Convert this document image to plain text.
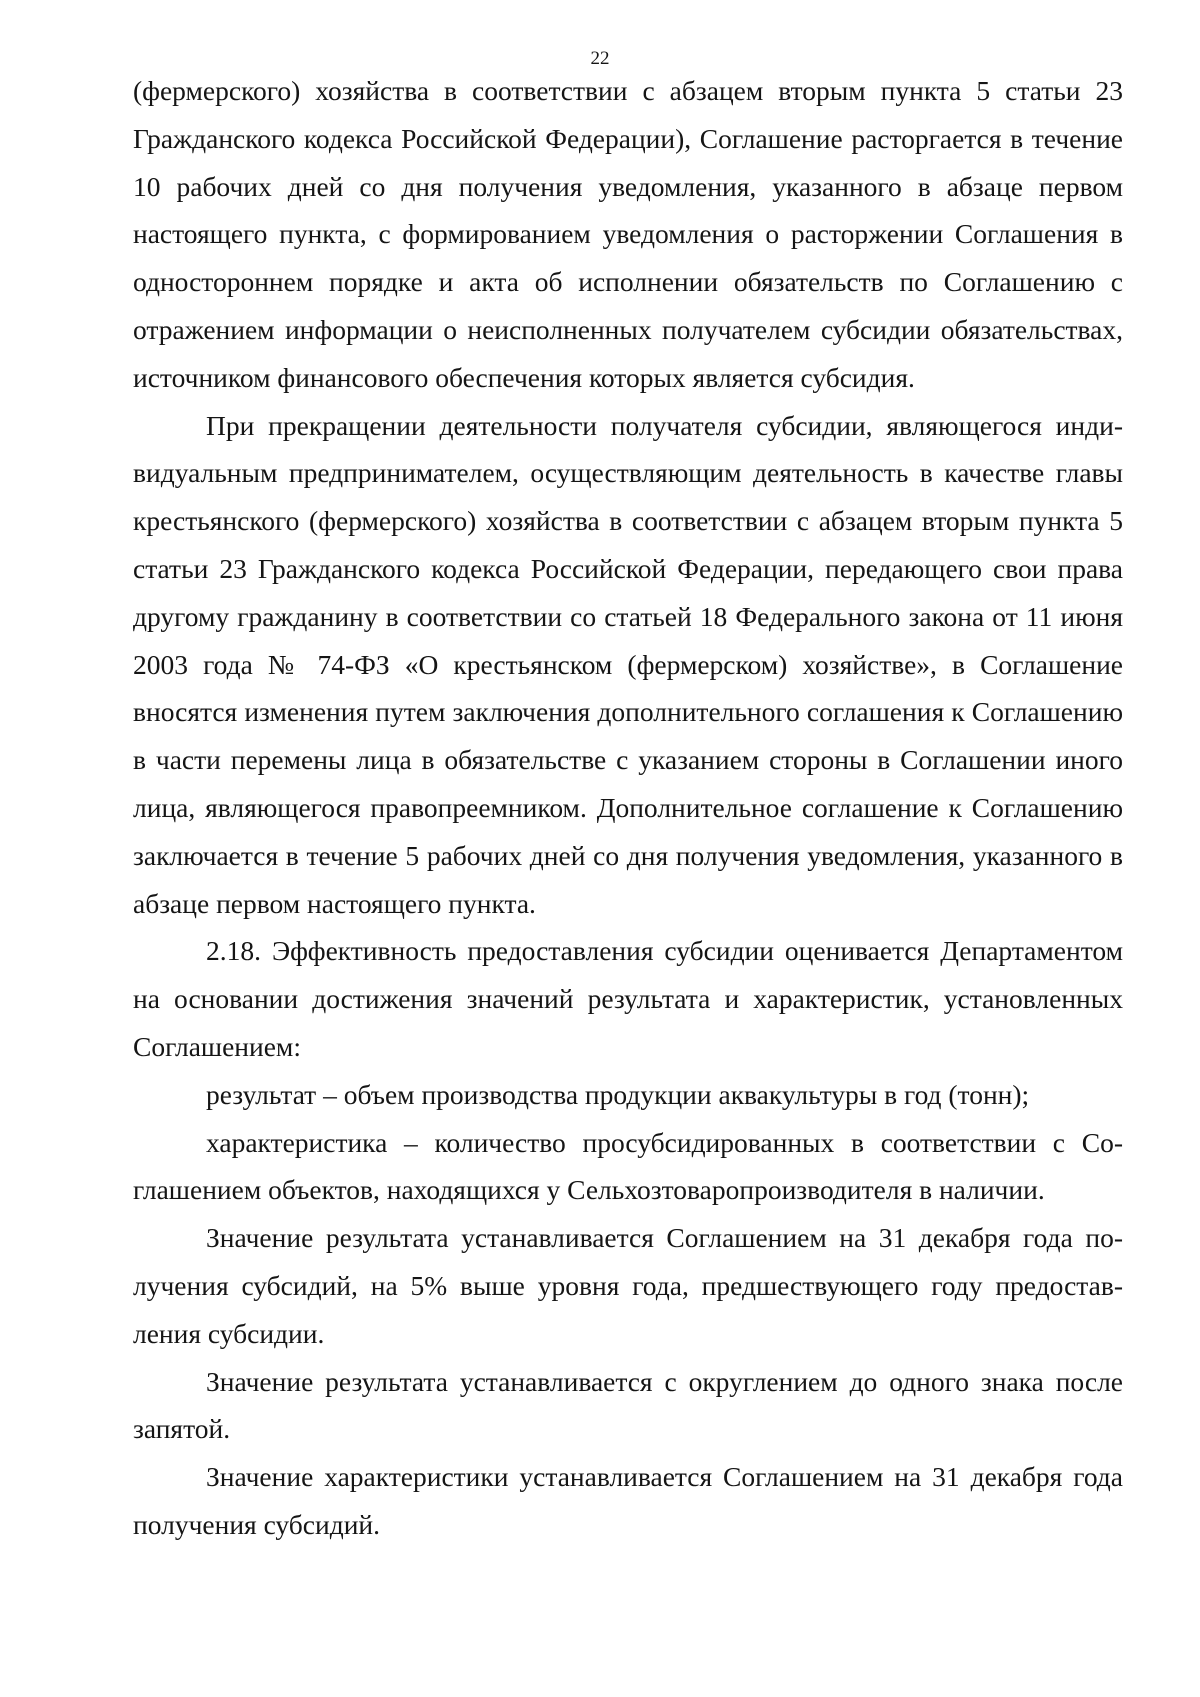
22

(фермерского) хозяйства в соответствии с абзацем вторым пункта 5 статьи 23 Гражданского кодекса Российской Федерации), Соглашение расторгается в течение 10 рабочих дней со дня получения уведомления, указанного в абзаце первом настоящего пункта, с формированием уведомления о расторжении Соглашения в одностороннем порядке и акта об исполнении обязательств по Соглашению с отражением информации о неисполненных получателем субсидии обязательствах, источником финансового обеспечения которых является субсидия.

При прекращении деятельности получателя субсидии, являющегося индивидуальным предпринимателем, осуществляющим деятельность в качестве главы крестьянского (фермерского) хозяйства в соответствии с абзацем вторым пункта 5 статьи 23 Гражданского кодекса Российской Федерации, передающего свои права другому гражданину в соответствии со статьей 18 Федерального закона от 11 июня 2003 года № 74-ФЗ «О крестьянском (фермерском) хозяйстве», в Соглашение вносятся изменения путем заключения дополнительного соглашения к Соглашению в части перемены лица в обязательстве с указанием стороны в Соглашении иного лица, являющегося правопреемником. Дополнительное соглашение к Соглашению заключается в течение 5 рабочих дней со дня получения уведомления, указанного в абзаце первом настоящего пункта.

2.18. Эффективность предоставления субсидии оценивается Департаментом на основании достижения значений результата и характеристик, установленных Соглашением:

результат – объем производства продукции аквакультуры в год (тонн);

характеристика – количество просубсидированных в соответствии с Соглашением объектов, находящихся у Сельхозтоваропроизводителя в наличии.

Значение результата устанавливается Соглашением на 31 декабря года получения субсидий, на 5% выше уровня года, предшествующего году предоставления субсидии.

Значение результата устанавливается с округлением до одного знака после запятой.

Значение характеристики устанавливается Соглашением на 31 декабря года получения субсидий.
